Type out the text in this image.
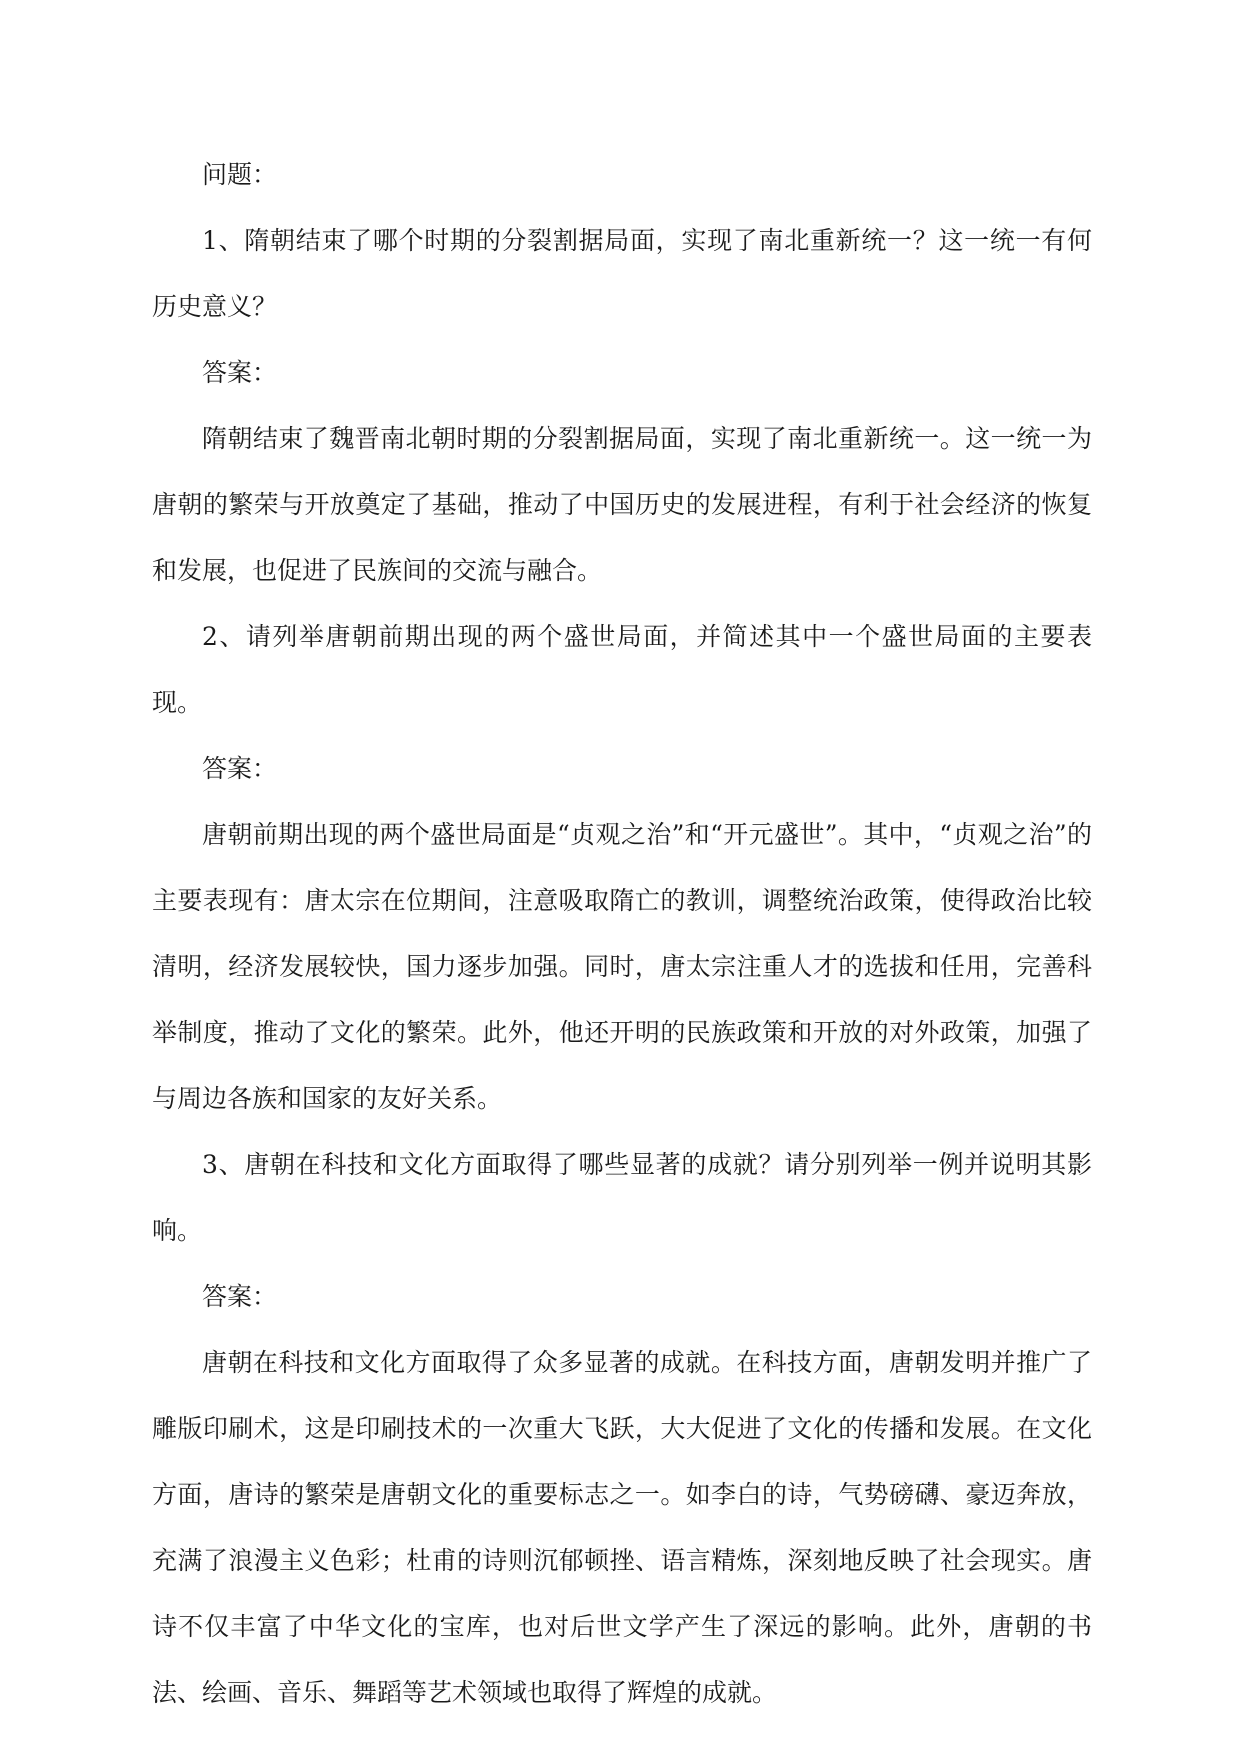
问题：

1、隋朝结束了哪个时期的分裂割据局面，实现了南北重新统一？这一统一有何历史意义？

答案：

隋朝结束了魏晋南北朝时期的分裂割据局面，实现了南北重新统一。这一统一为唐朝的繁荣与开放奠定了基础，推动了中国历史的发展进程，有利于社会经济的恢复和发展，也促进了民族间的交流与融合。

2、请列举唐朝前期出现的两个盛世局面，并简述其中一个盛世局面的主要表现。

答案：

唐朝前期出现的两个盛世局面是“贞观之治”和“开元盛世”。其中，“贞观之治”的主要表现有：唐太宗在位期间，注意吸取隋亡的教训，调整统治政策，使得政治比较清明，经济发展较快，国力逐步加强。同时，唐太宗注重人才的选拔和任用，完善科举制度，推动了文化的繁荣。此外，他还开明的民族政策和开放的对外政策，加强了与周边各族和国家的友好关系。

3、唐朝在科技和文化方面取得了哪些显著的成就？请分别列举一例并说明其影响。

答案：

唐朝在科技和文化方面取得了众多显著的成就。在科技方面，唐朝发明并推广了雕版印刷术，这是印刷技术的一次重大飞跃，大大促进了文化的传播和发展。在文化方面，唐诗的繁荣是唐朝文化的重要标志之一。如李白的诗，气势磅礴、豪迈奔放，充满了浪漫主义色彩；杜甫的诗则沉郁顿挫、语言精炼，深刻地反映了社会现实。唐诗不仅丰富了中华文化的宝库，也对后世文学产生了深远的影响。此外，唐朝的书法、绘画、音乐、舞蹈等艺术领域也取得了辉煌的成就。
